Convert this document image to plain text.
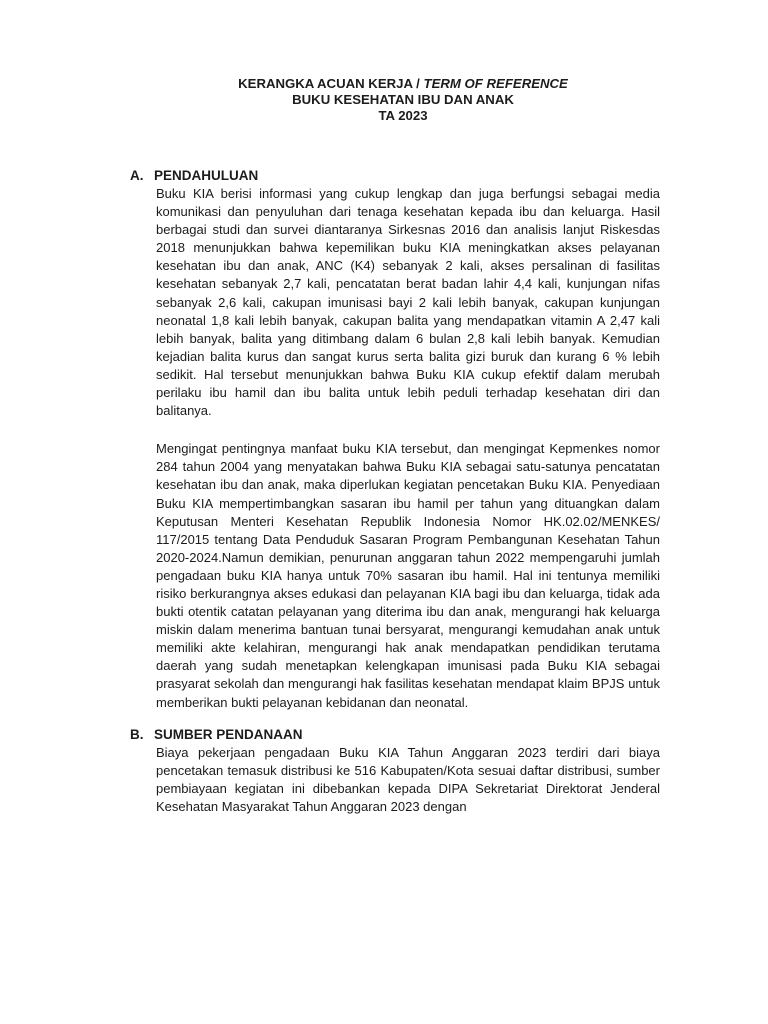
KERANGKA ACUAN KERJA / TERM OF REFERENCE
BUKU KESEHATAN IBU DAN ANAK
TA 2023
A. PENDAHULUAN

Buku KIA berisi informasi yang cukup lengkap dan juga berfungsi sebagai media komunikasi dan penyuluhan dari tenaga kesehatan kepada ibu dan keluarga. Hasil berbagai studi dan survei diantaranya Sirkesnas 2016 dan analisis lanjut Riskesdas 2018 menunjukkan bahwa kepemilikan buku KIA meningkatkan akses pelayanan kesehatan ibu dan anak, ANC (K4) sebanyak 2 kali, akses persalinan di fasilitas kesehatan sebanyak 2,7 kali, pencatatan berat badan lahir 4,4 kali, kunjungan nifas sebanyak 2,6 kali, cakupan imunisasi bayi 2 kali lebih banyak, cakupan kunjungan neonatal 1,8 kali lebih banyak, cakupan balita yang mendapatkan vitamin A 2,47 kali lebih banyak, balita yang ditimbang dalam 6 bulan 2,8 kali lebih banyak. Kemudian kejadian balita kurus dan sangat kurus serta balita gizi buruk dan kurang 6 % lebih sedikit. Hal tersebut menunjukkan bahwa Buku KIA cukup efektif dalam merubah perilaku ibu hamil dan ibu balita untuk lebih peduli terhadap kesehatan diri dan balitanya.

Mengingat pentingnya manfaat buku KIA tersebut, dan mengingat Kepmenkes nomor 284 tahun 2004 yang menyatakan bahwa Buku KIA sebagai satu-satunya pencatatan kesehatan ibu dan anak, maka diperlukan kegiatan pencetakan Buku KIA. Penyediaan Buku KIA mempertimbangkan sasaran ibu hamil per tahun yang dituangkan dalam Keputusan Menteri Kesehatan Republik Indonesia Nomor HK.02.02/MENKES/ 117/2015 tentang Data Penduduk Sasaran Program Pembangunan Kesehatan Tahun 2020-2024.Namun demikian, penurunan anggaran tahun 2022 mempengaruhi jumlah pengadaan buku KIA hanya untuk 70% sasaran ibu hamil. Hal ini tentunya memiliki risiko berkurangnya akses edukasi dan pelayanan KIA bagi ibu dan keluarga, tidak ada bukti otentik catatan pelayanan yang diterima ibu dan anak, mengurangi hak keluarga miskin dalam menerima bantuan tunai bersyarat, mengurangi kemudahan anak untuk memiliki akte kelahiran, mengurangi hak anak mendapatkan pendidikan terutama daerah yang sudah menetapkan kelengkapan imunisasi pada Buku KIA sebagai prasyarat sekolah dan mengurangi hak fasilitas kesehatan mendapat klaim BPJS untuk memberikan bukti pelayanan kebidanan dan neonatal.

B. SUMBER PENDANAAN

Biaya pekerjaan pengadaan Buku KIA Tahun Anggaran 2023 terdiri dari biaya pencetakan temasuk distribusi ke 516 Kabupaten/Kota sesuai daftar distribusi, sumber pembiayaan kegiatan ini dibebankan kepada DIPA Sekretariat Direktorat Jenderal Kesehatan Masyarakat Tahun Anggaran 2023 dengan
